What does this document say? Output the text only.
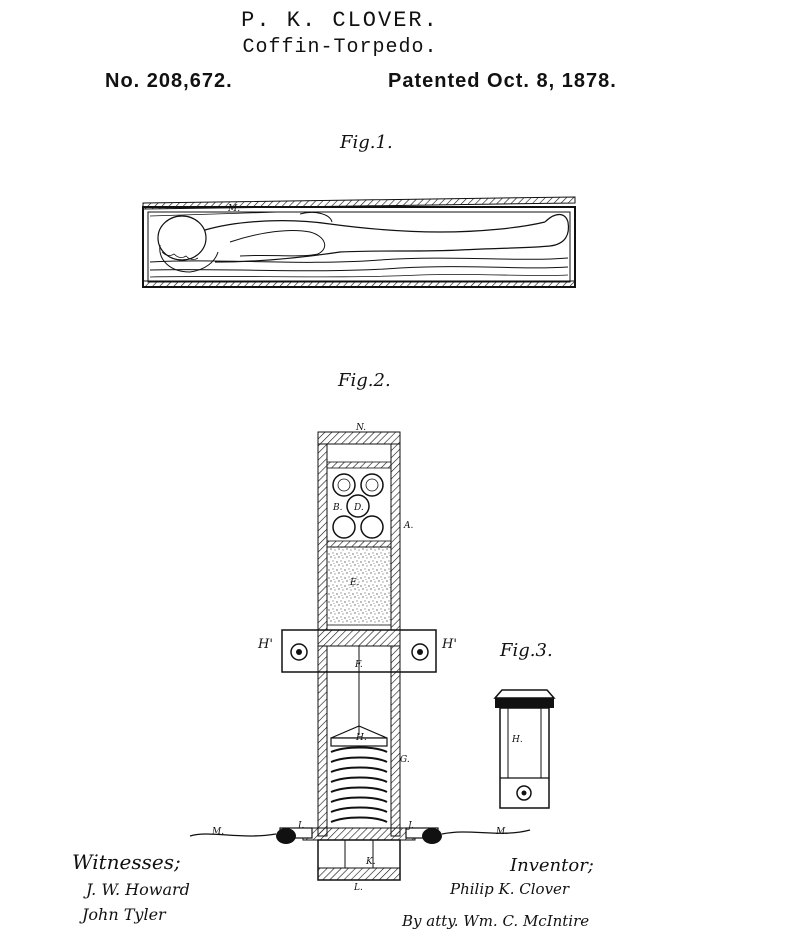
P. K. CLOVER.
Coffin-Torpedo.
No. 208,672.	Patented Oct. 8, 1878.
Fig.1.
Fig.2.
Fig.3.
M.
N.
A.
B. D.
E.
F.
H.	H.
G.
I.	J.
K.
L.
M.	M.
H'	H'
Witnesses;
J. W. Howard
John Tyler
Inventor;
Philip K. Clover
By atty. Wm. C. McIntire
